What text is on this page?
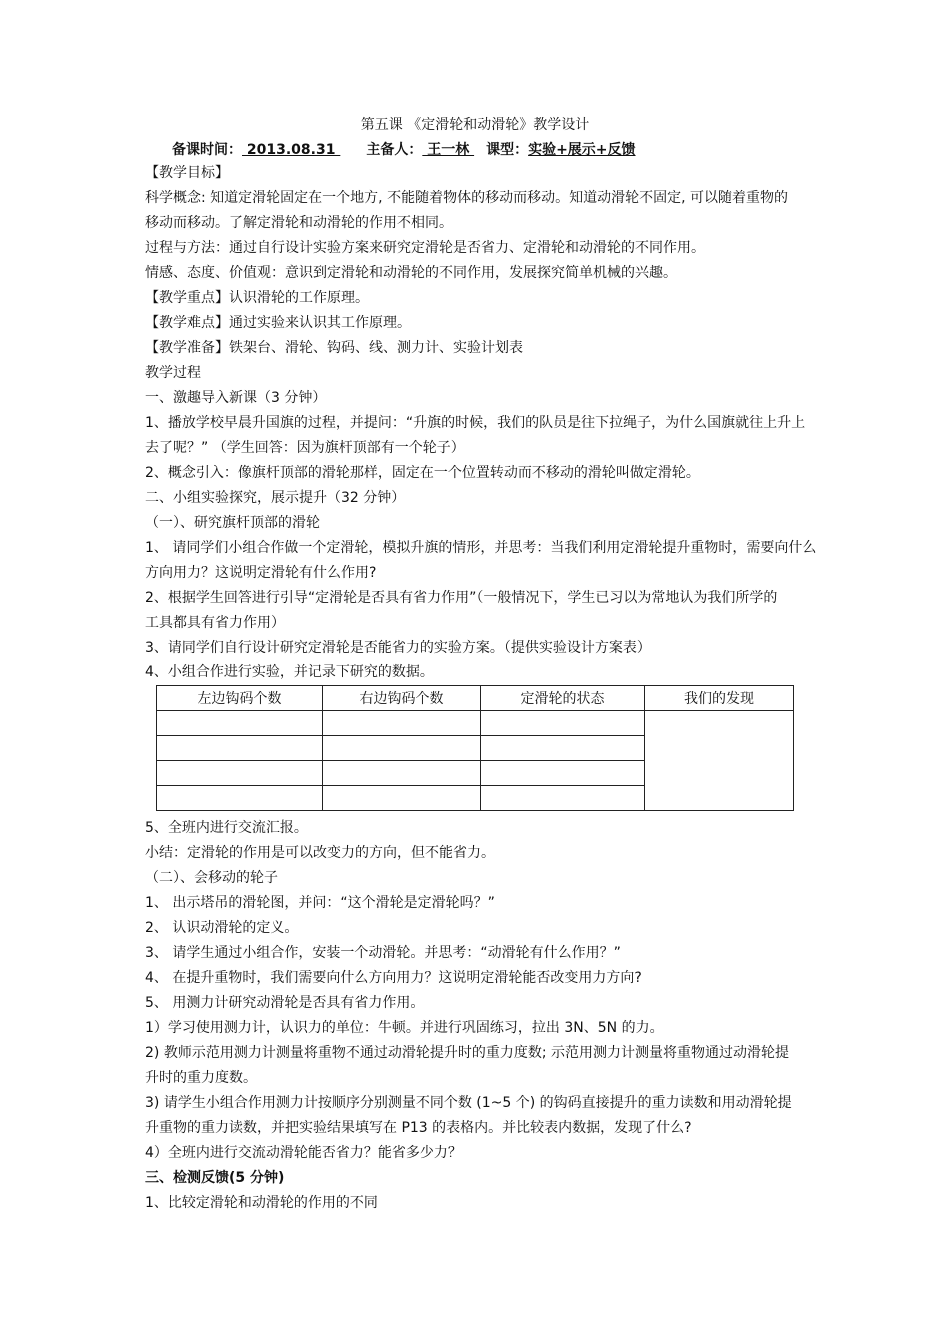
第五课 《定滑轮和动滑轮》教学设计
备课时间： 2013.08.31 主备人： 王一林 课型：实验+展示+反馈
【教学目标】
科学概念: 知道定滑轮固定在一个地方, 不能随着物体的移动而移动。知道动滑轮不固定, 可以随着重物的
移动而移动。了解定滑轮和动滑轮的作用不相同。
过程与方法：通过自行设计实验方案来研究定滑轮是否省力、定滑轮和动滑轮的不同作用。
情感、态度、价值观：意识到定滑轮和动滑轮的不同作用，发展探究简单机械的兴趣。
【教学重点】认识滑轮的工作原理。
【教学难点】通过实验来认识其工作原理。
【教学准备】铁架台、滑轮、钩码、线、测力计、实验计划表
教学过程
一、激趣导入新课（3 分钟）
1、播放学校早晨升国旗的过程，并提问：“升旗的时候，我们的队员是往下拉绳子，为什么国旗就往上升上
去了呢？” （学生回答：因为旗杆顶部有一个轮子）
2、概念引入：像旗杆顶部的滑轮那样，固定在一个位置转动而不移动的滑轮叫做定滑轮。
二、小组实验探究，展示提升（32 分钟）
（一）、研究旗杆顶部的滑轮
1、 请同学们小组合作做一个定滑轮，模拟升旗的情形，并思考：当我们利用定滑轮提升重物时，需要向什么
方向用力？这说明定滑轮有什么作用?
2、根据学生回答进行引导“定滑轮是否具有省力作用”（一般情况下，学生已习以为常地认为我们所学的
工具都具有省力作用）
3、请同学们自行设计研究定滑轮是否能省力的实验方案。（提供实验设计方案表）
4、小组合作进行实验，并记录下研究的数据。
左边钩码个数	右边钩码个数	定滑轮的状态	我们的发现

5、全班内进行交流汇报。
小结：定滑轮的作用是可以改变力的方向，但不能省力。
（二）、会移动的轮子
1、 出示塔吊的滑轮图，并问：“这个滑轮是定滑轮吗？”
2、 认识动滑轮的定义。
3、 请学生通过小组合作，安装一个动滑轮。并思考：“动滑轮有什么作用？”
4、 在提升重物时，我们需要向什么方向用力？这说明定滑轮能否改变用力方向?
5、 用测力计研究动滑轮是否具有省力作用。
1）学习使用测力计，认识力的单位：牛顿。并进行巩固练习，拉出 3N、5N 的力。
2) 教师示范用测力计测量将重物不通过动滑轮提升时的重力度数; 示范用测力计测量将重物通过动滑轮提
升时的重力度数。
3) 请学生小组合作用测力计按顺序分别测量不同个数 (1~5 个) 的钩码直接提升的重力读数和用动滑轮提
升重物的重力读数，并把实验结果填写在 P13 的表格内。并比较表内数据，发现了什么?
4）全班内进行交流动滑轮能否省力？能省多少力？
三、检测反馈(5 分钟)
1、比较定滑轮和动滑轮的作用的不同
